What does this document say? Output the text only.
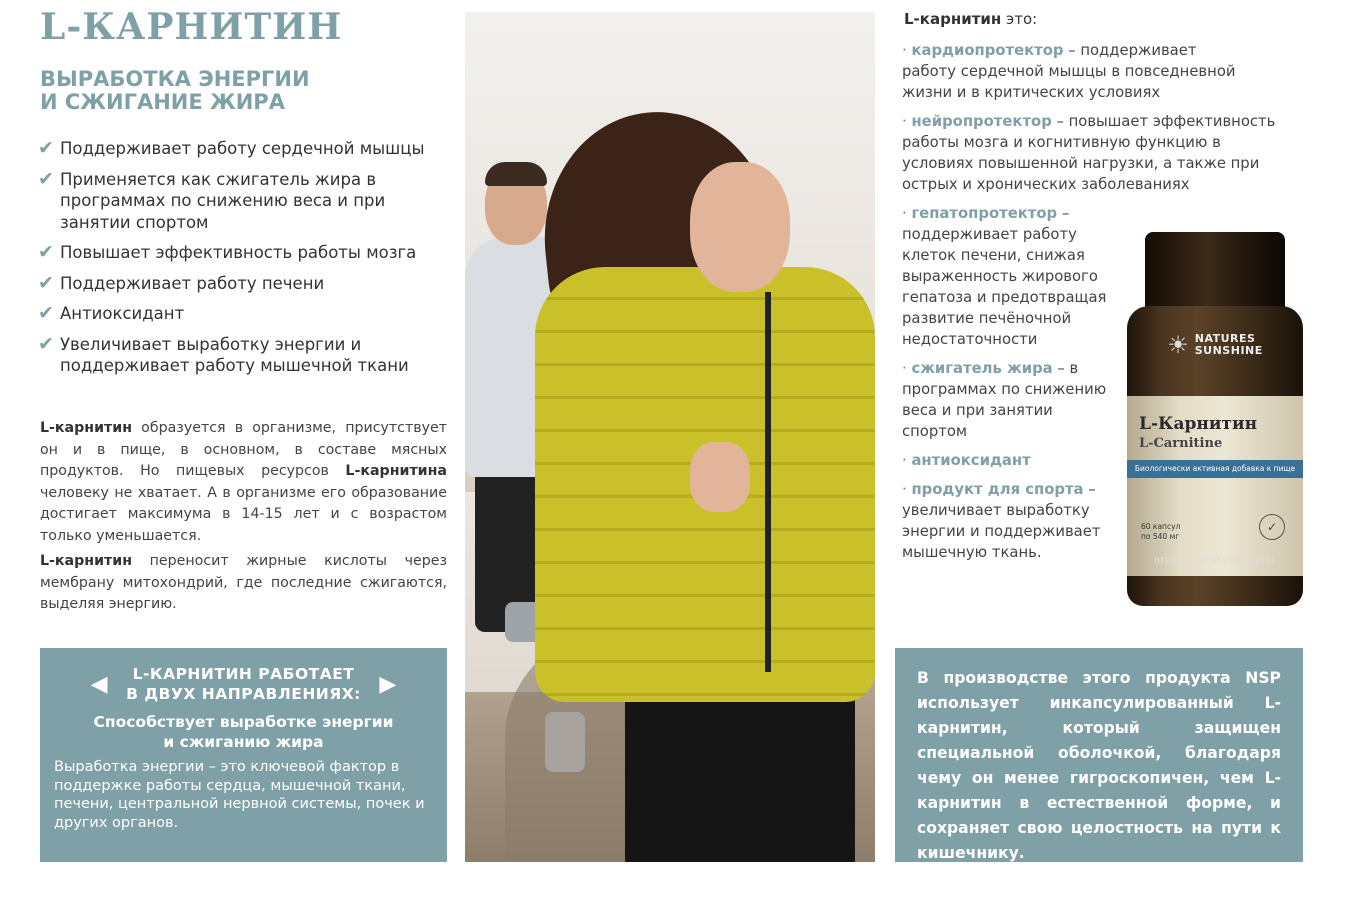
L-КАРНИТИН
ВЫРАБОТКА ЭНЕРГИИ
И СЖИГАНИЕ ЖИРА
✔ Поддерживает работу сердечной мышцы
✔ Применяется как сжигатель жира в программах по снижению веса и при занятии спортом
✔ Повышает эффективность работы мозга
✔ Поддерживает работу печени
✔ Антиоксидант
✔ Увеличивает выработку энергии и поддерживает работу мышечной ткани

L-карнитин образуется в организме, присутствует он и в пище, в основном, в составе мясных продуктов. Но пищевых ресурсов L-карнитина человеку не хватает. А в организме его образование достигает максимума в 14-15 лет и с возрастом только уменьшается.

L-карнитин переносит жирные кислоты через мембрану митохондрий, где последние сжигаются, выделяя энергию.

◀	L-КАРНИТИН РАБОТАЕТ
В ДВУХ НАПРАВЛЕНИЯХ: ▶
Способствует выработке энергии
и сжиганию жира
Выработка энергии – это ключевой фактор в поддержке работы сердца, мышечной ткани, печени, центральной нервной системы, почек и других органов.
L-карнитин это:
· кардиопротектор – поддерживает работу сердечной мышцы в повседневной жизни и в критических условиях
· нейропротектор – повышает эффективность работы мозга и когнитивную функцию в условиях повышенной нагрузки, а также при острых и хронических заболеваниях
· гепатопротектор – поддерживает работу клеток печени, снижая выраженность жирового гепатоза и предотвращая развитие печёночной недостаточности
· сжигатель жира – в программах по снижению веса и при занятии спортом
· антиоксидант
· продукт для спорта – увеличивает выработку энергии и поддерживает мышечную ткань.
☀ NATURES
SUNSHINE
L-Карнитин
L-Carnitine
Биологически активная добавка к пище
60 капсул
по 540 мг
✓
HERBAL EXPERTS since 1972
В производстве этого продукта NSP использует инкапсулированный L-карнитин, который защищен специальной оболочкой, благодаря чему он менее гигроскопичен, чем L-карнитин в естественной форме, и сохраняет свою целостность на пути к кишечнику.
